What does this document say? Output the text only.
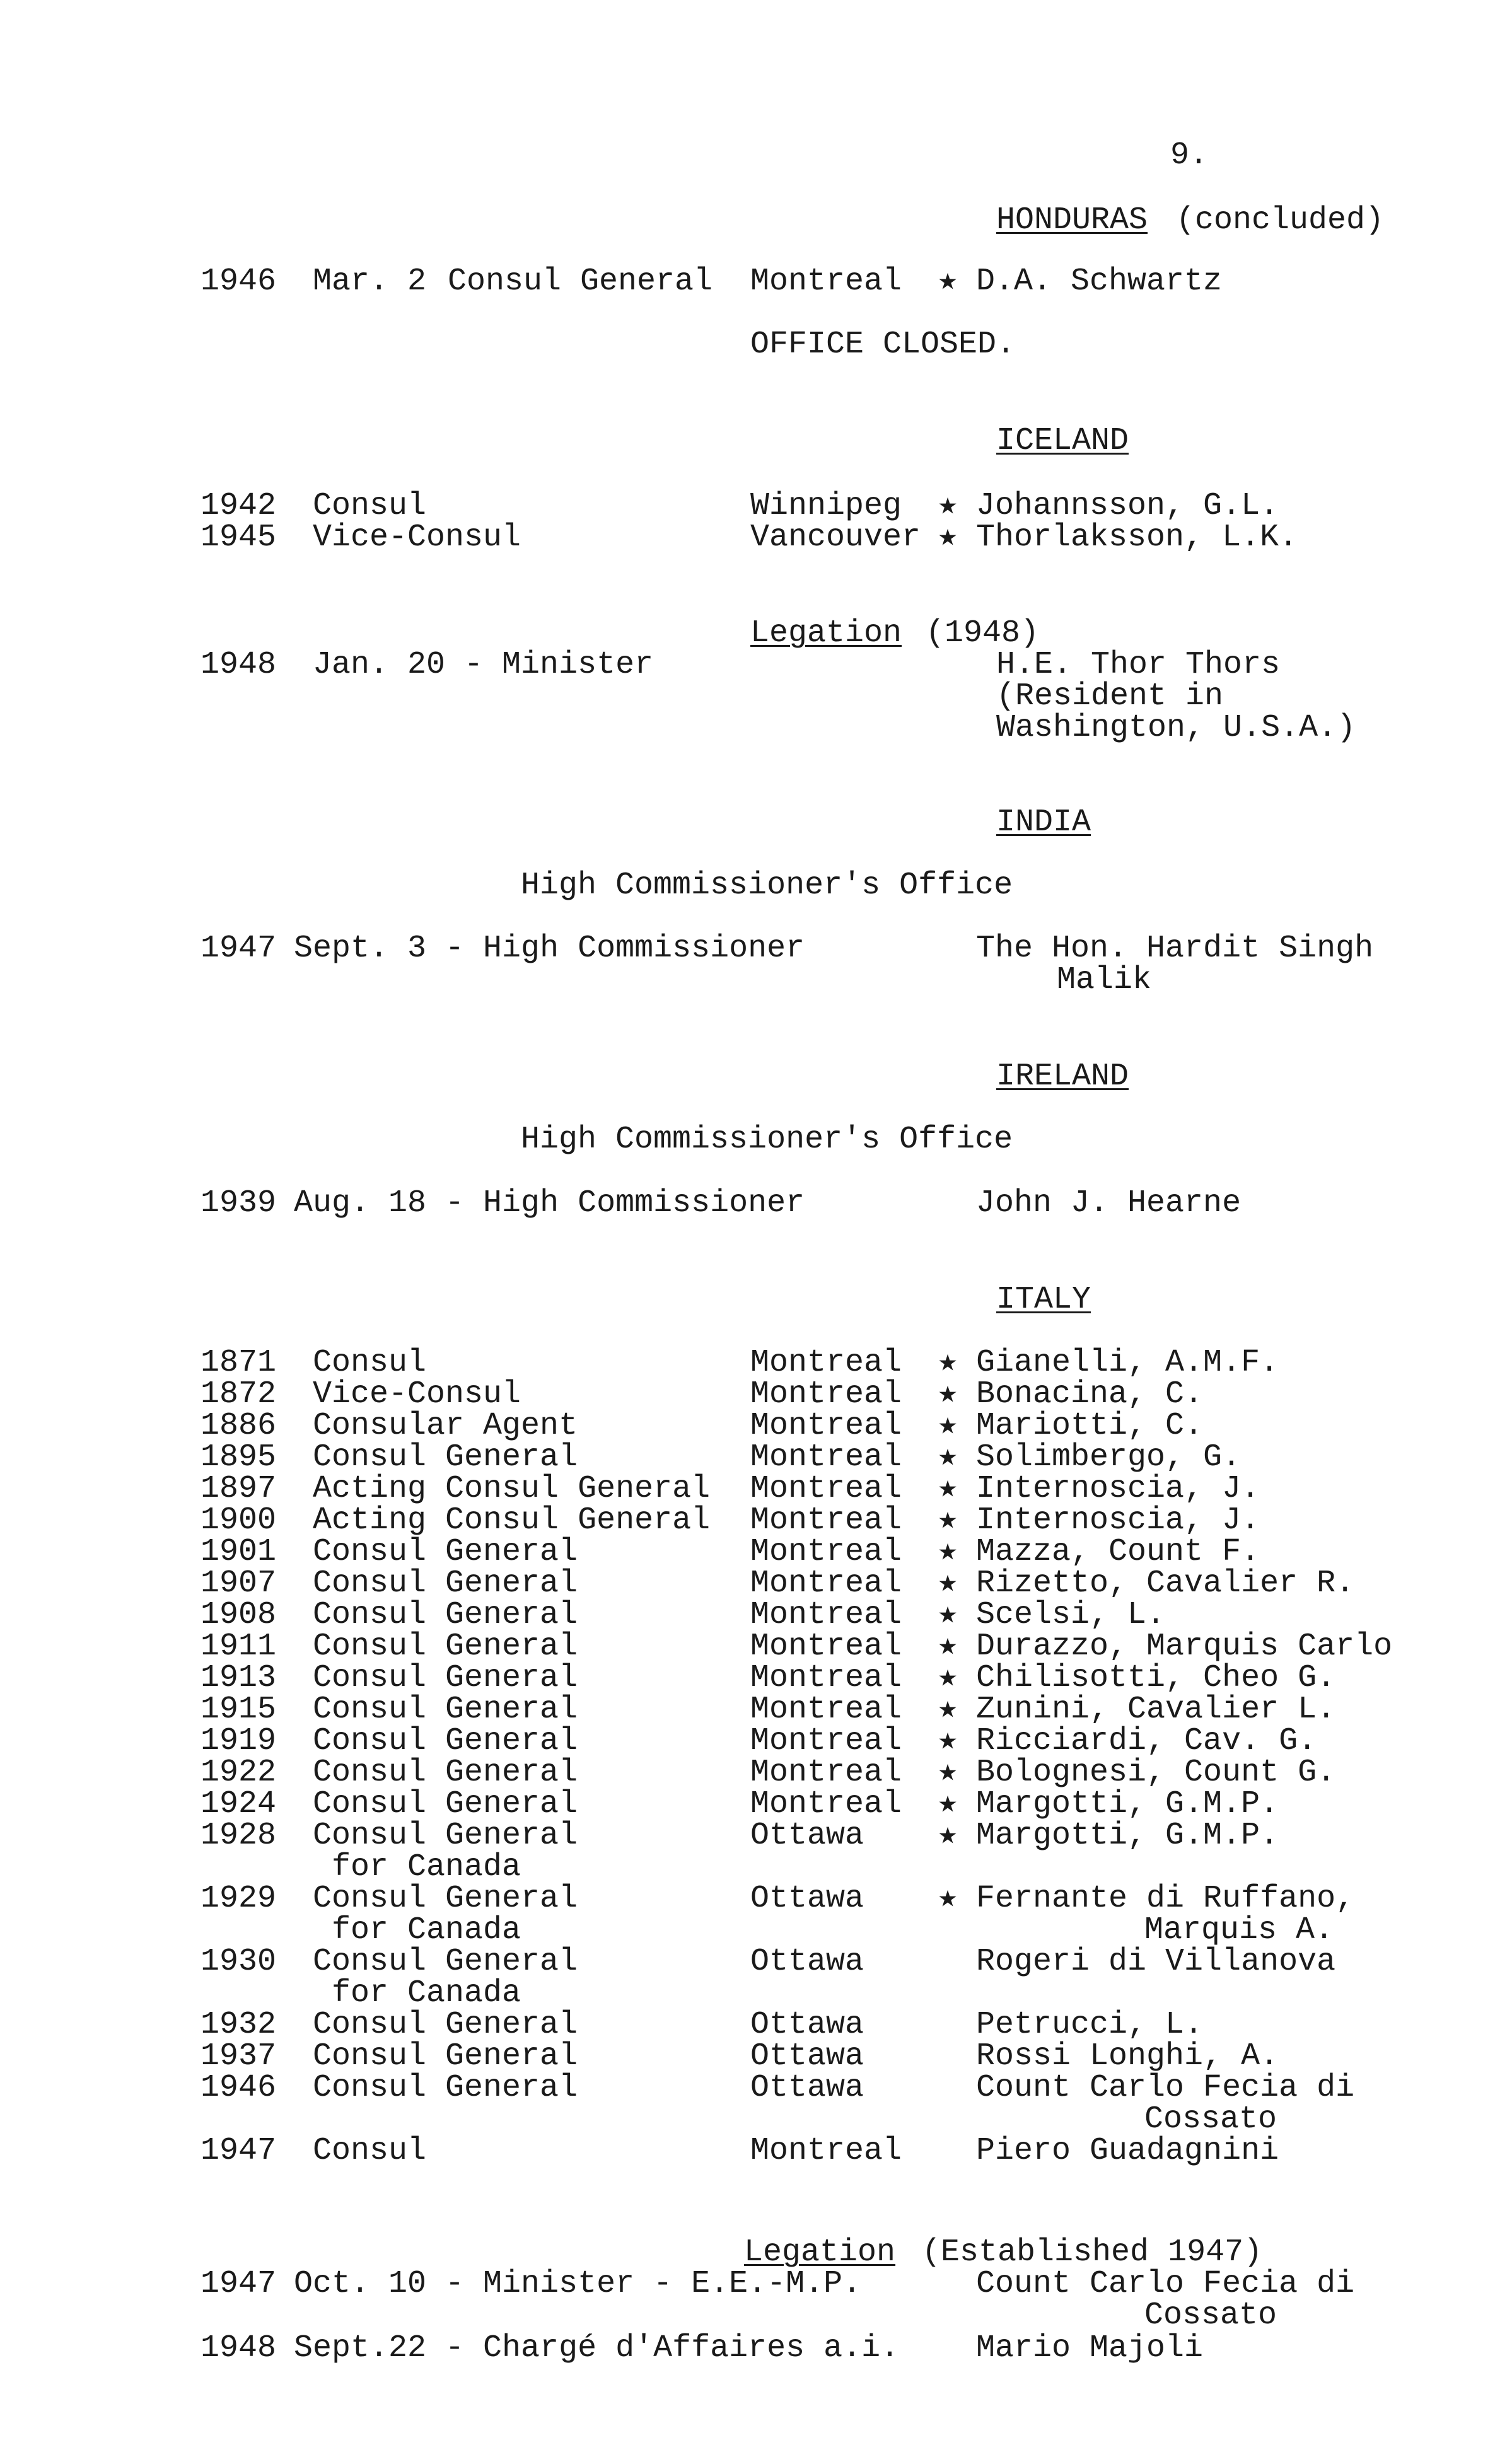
9.
HONDURAS (concluded)
1946 Mar. 2 Consul General Montreal ★ D.A. Schwartz
OFFICE CLOSED.
ICELAND
1942 Consul	Winnipeg ★ Johannsson, G.L.
1945 Vice-Consul	Vancouver ★ Thorlaksson, L.K.
Legation (1948)
1948 Jan. 20 - Minister	H.E. Thor Thors
(Resident in
Washington, U.S.A.)
INDIA
High Commissioner's Office
1947 Sept. 3 - High Commissioner	The Hon. Hardit Singh
Malik
IRELAND
High Commissioner's Office
1939 Aug. 18 - High Commissioner	John J. Hearne
ITALY
1871 Consul	Montreal ★ Gianelli, A.M.F.
1872 Vice-Consul	Montreal ★ Bonacina, C.
1886 Consular Agent	Montreal ★ Mariotti, C.
1895 Consul General	Montreal ★ Solimbergo, G.
1897 Acting Consul General Montreal ★ Internoscia, J.
1900 Acting Consul General Montreal ★ Internoscia, J.
1901 Consul General	Montreal ★ Mazza, Count F.
1907 Consul General	Montreal ★ Rizetto, Cavalier R.
1908 Consul General	Montreal ★ Scelsi, L.
1911 Consul General	Montreal ★ Durazzo, Marquis Carlo
1913 Consul General	Montreal ★ Chilisotti, Cheo G.
1915 Consul General	Montreal ★ Zunini, Cavalier L.
1919 Consul General	Montreal ★ Ricciardi, Cav. G.
1922 Consul General	Montreal ★ Bolognesi, Count G.
1924 Consul General	Montreal ★ Margotti, G.M.P.
1928 Consul General	Ottawa ★ Margotti, G.M.P.
for Canada
1929 Consul General	Ottawa ★ Fernante di Ruffano,
for Canada	Marquis A.
1930 Consul General	Ottawa	Rogeri di Villanova
for Canada
1932 Consul General	Ottawa	Petrucci, L.
1937 Consul General	Ottawa	Rossi Longhi, A.
1946 Consul General	Ottawa	Count Carlo Fecia di
Cossato
1947 Consul	Montreal Piero Guadagnini
Legation (Established 1947)
1947 Oct. 10 - Minister - E.E.-M.P.	Count Carlo Fecia di
Cossato
1948 Sept.22 - Chargé d'Affaires a.i. Mario Majoli
